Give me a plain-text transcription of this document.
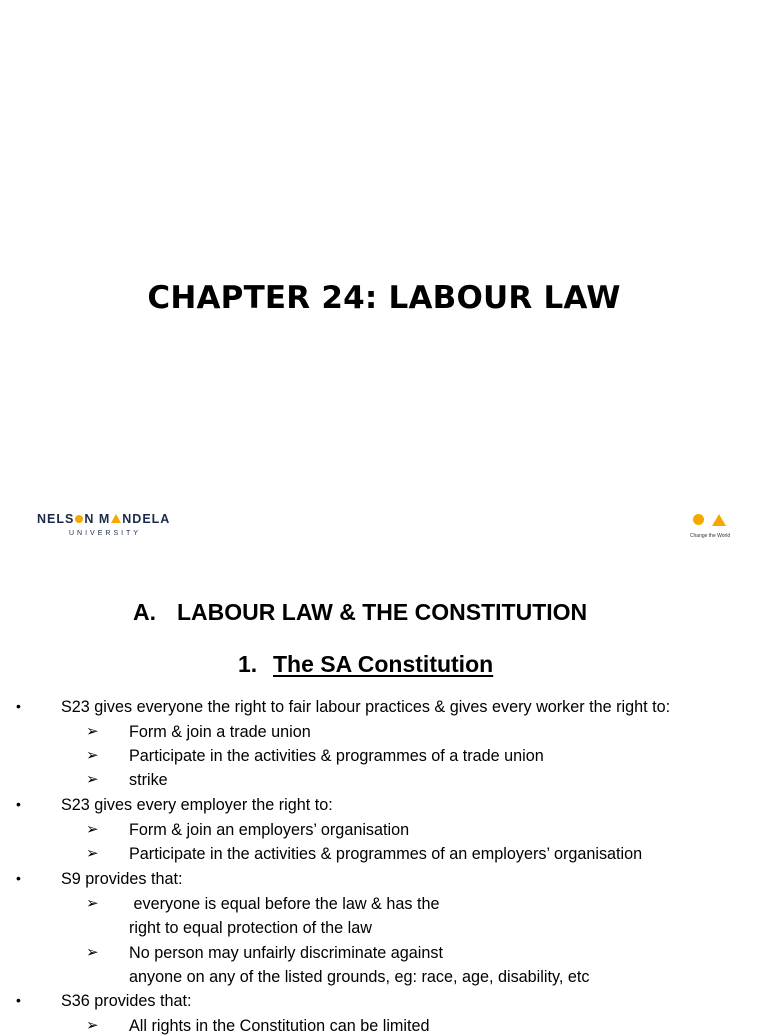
CHAPTER 24: LABOUR LAW
NELS N M NDELA
UNIVERSITY	Change the World
A. LABOUR LAW & THE CONSTITUTION
1. The SA Constitution
• S23 gives everyone the right to fair labour practices & gives every worker the right to:
➢ Form & join a trade union
➢ Participate in the activities & programmes of a trade union
➢ strike
• S23 gives every employer the right to:
➢ Form & join an employers’ organisation
➢ Participate in the activities & programmes of an employers’ organisation
• S9 provides that:
➢ everyone is equal before the law & has the
right to equal protection of the law
➢ No person may unfairly discriminate against
anyone on any of the listed grounds, eg: race, age, disability, etc
• S36 provides that:
➢ All rights in the Constitution can be limited
